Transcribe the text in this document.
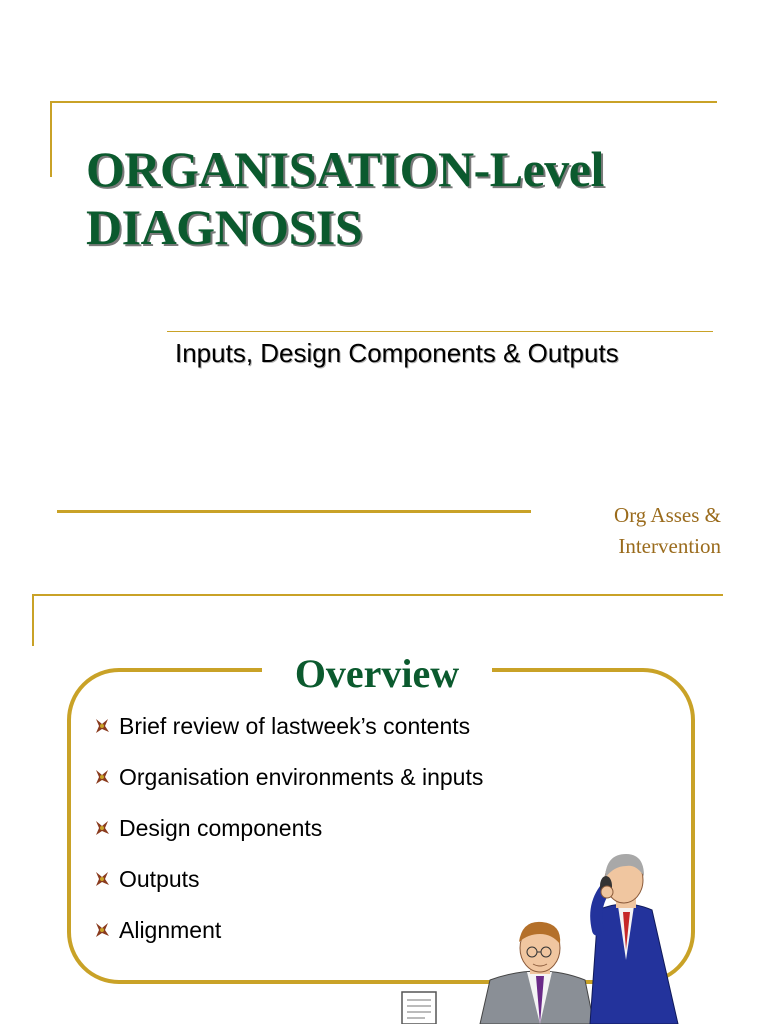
ORGANISATION-Level
DIAGNOSIS
Inputs, Design Components & Outputs
Org Asses &
Intervention
Overview
Brief review of lastweek’s contents
Organisation environments & inputs
Design components
Outputs
Alignment
